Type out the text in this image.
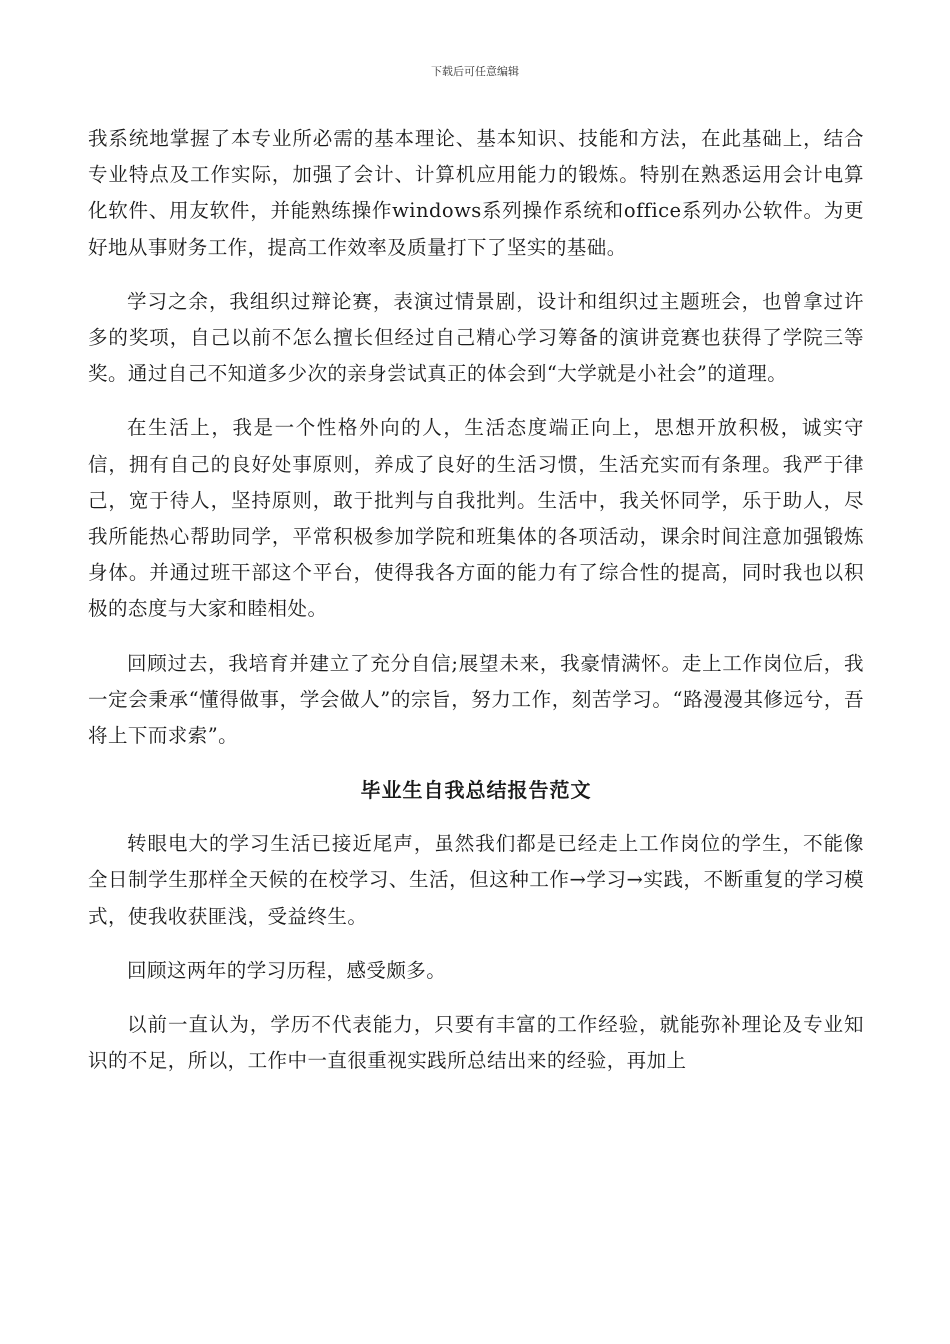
下载后可任意编辑

我系统地掌握了本专业所必需的基本理论、基本知识、技能和方法，在此基础上，结合专业特点及工作实际，加强了会计、计算机应用能力的锻炼。特别在熟悉运用会计电算化软件、用友软件，并能熟练操作windows系列操作系统和office系列办公软件。为更好地从事财务工作，提高工作效率及质量打下了坚实的基础。

学习之余，我组织过辩论赛，表演过情景剧，设计和组织过主题班会，也曾拿过许多的奖项，自己以前不怎么擅长但经过自己精心学习筹备的演讲竞赛也获得了学院三等奖。通过自己不知道多少次的亲身尝试真正的体会到“大学就是小社会”的道理。

在生活上，我是一个性格外向的人，生活态度端正向上，思想开放积极，诚实守信，拥有自己的良好处事原则，养成了良好的生活习惯，生活充实而有条理。我严于律己，宽于待人，坚持原则，敢于批判与自我批判。生活中，我关怀同学，乐于助人，尽我所能热心帮助同学，平常积极参加学院和班集体的各项活动，课余时间注意加强锻炼身体。并通过班干部这个平台，使得我各方面的能力有了综合性的提高，同时我也以积极的态度与大家和睦相处。

回顾过去，我培育并建立了充分自信;展望未来，我豪情满怀。走上工作岗位后，我一定会秉承“懂得做事，学会做人”的宗旨，努力工作，刻苦学习。“路漫漫其修远兮，吾将上下而求索”。

毕业生自我总结报告范文

转眼电大的学习生活已接近尾声，虽然我们都是已经走上工作岗位的学生，不能像全日制学生那样全天候的在校学习、生活，但这种工作→学习→实践，不断重复的学习模式，使我收获匪浅，受益终生。

回顾这两年的学习历程，感受颇多。

以前一直认为，学历不代表能力，只要有丰富的工作经验，就能弥补理论及专业知识的不足，所以，工作中一直很重视实践所总结出来的经验，再加上
